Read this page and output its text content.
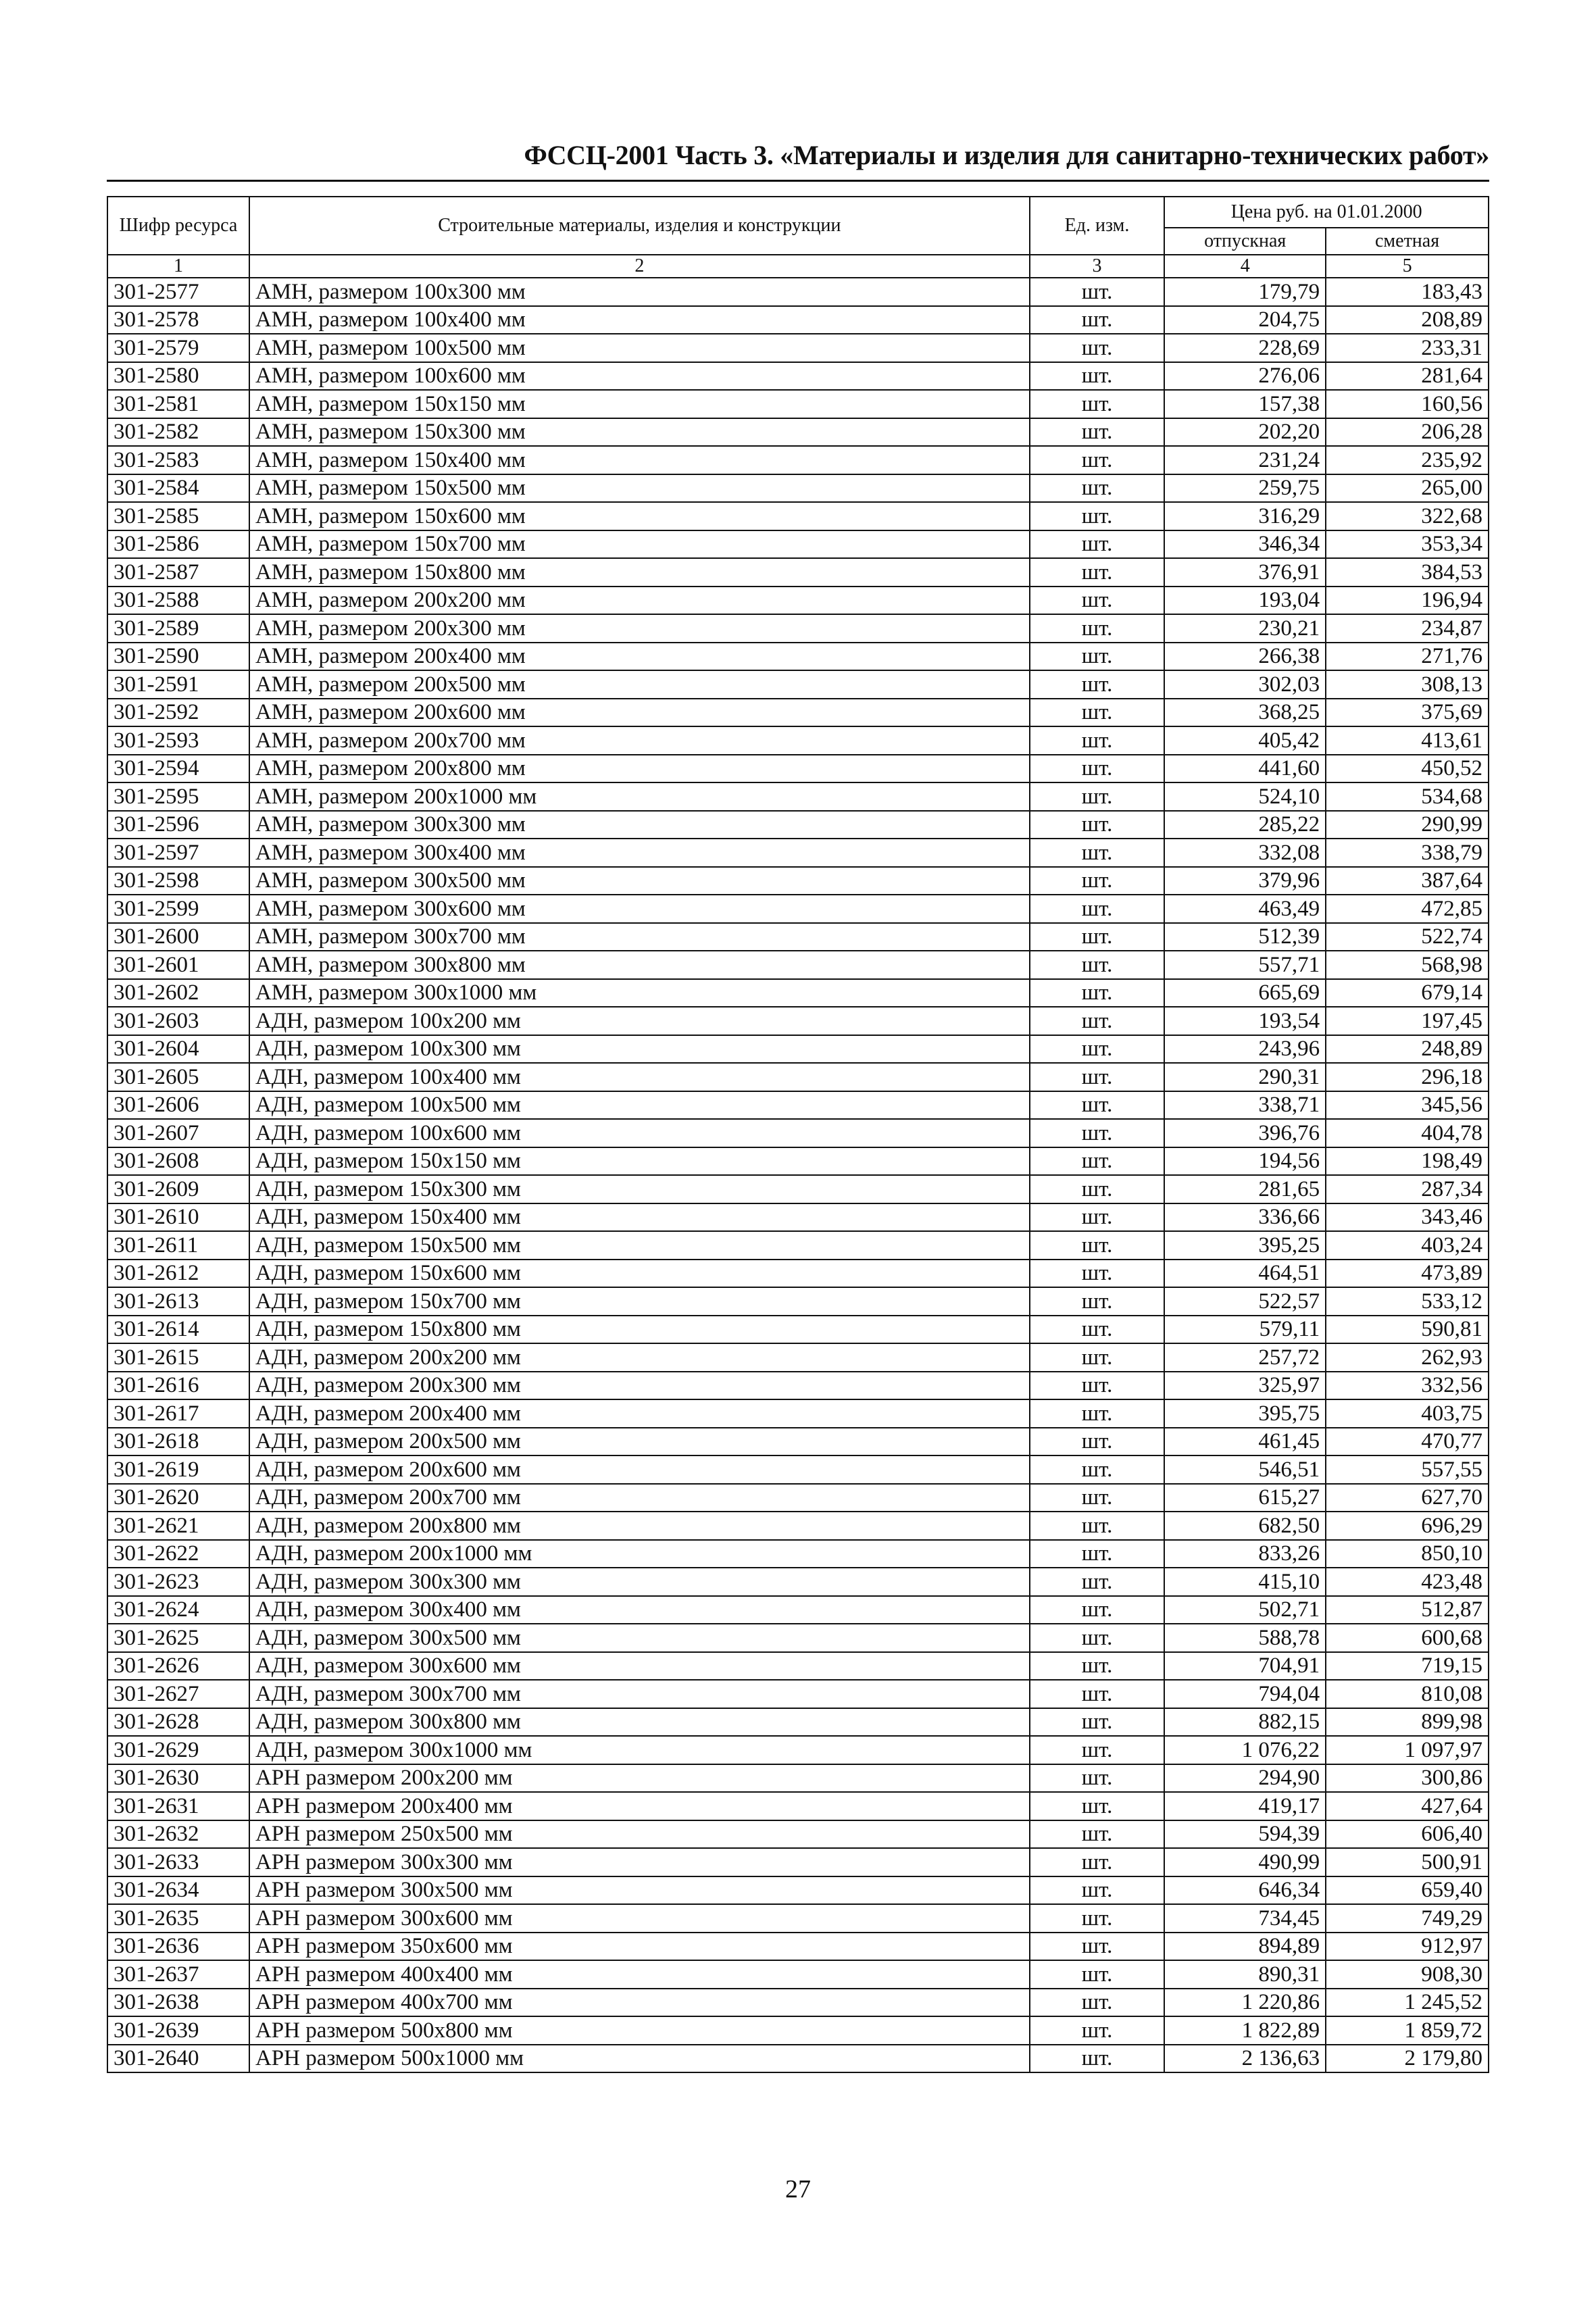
ФССЦ-2001 Часть 3. «Материалы и изделия для санитарно-технических работ»
Шифр ресурса	Строительные материалы, изделия и конструкции	Ед. изм.	Цена руб. на 01.01.2000	
			отпускная	сметная
1	2	3	4	5
301-2577	АМН, размером 100х300 мм	шт.	179,79	183,43
301-2578	АМН, размером 100х400 мм	шт.	204,75	208,89
301-2579	АМН, размером 100х500 мм	шт.	228,69	233,31
301-2580	АМН, размером 100х600 мм	шт.	276,06	281,64
301-2581	АМН, размером 150х150 мм	шт.	157,38	160,56
301-2582	АМН, размером 150х300 мм	шт.	202,20	206,28
301-2583	АМН, размером 150х400 мм	шт.	231,24	235,92
301-2584	АМН, размером 150х500 мм	шт.	259,75	265,00
301-2585	АМН, размером 150х600 мм	шт.	316,29	322,68
301-2586	АМН, размером 150х700 мм	шт.	346,34	353,34
301-2587	АМН, размером 150х800 мм	шт.	376,91	384,53
301-2588	АМН, размером 200х200 мм	шт.	193,04	196,94
301-2589	АМН, размером 200х300 мм	шт.	230,21	234,87
301-2590	АМН, размером 200х400 мм	шт.	266,38	271,76
301-2591	АМН, размером 200х500 мм	шт.	302,03	308,13
301-2592	АМН, размером 200х600 мм	шт.	368,25	375,69
301-2593	АМН, размером 200х700 мм	шт.	405,42	413,61
301-2594	АМН, размером 200х800 мм	шт.	441,60	450,52
301-2595	АМН, размером 200х1000 мм	шт.	524,10	534,68
301-2596	АМН, размером 300х300 мм	шт.	285,22	290,99
301-2597	АМН, размером 300х400 мм	шт.	332,08	338,79
301-2598	АМН, размером 300х500 мм	шт.	379,96	387,64
301-2599	АМН, размером 300х600 мм	шт.	463,49	472,85
301-2600	АМН, размером 300х700 мм	шт.	512,39	522,74
301-2601	АМН, размером 300х800 мм	шт.	557,71	568,98
301-2602	АМН, размером 300х1000 мм	шт.	665,69	679,14
301-2603	АДН, размером 100х200 мм	шт.	193,54	197,45
301-2604	АДН, размером 100х300 мм	шт.	243,96	248,89
301-2605	АДН, размером 100х400 мм	шт.	290,31	296,18
301-2606	АДН, размером 100х500 мм	шт.	338,71	345,56
301-2607	АДН, размером 100х600 мм	шт.	396,76	404,78
301-2608	АДН, размером 150х150 мм	шт.	194,56	198,49
301-2609	АДН, размером 150х300 мм	шт.	281,65	287,34
301-2610	АДН, размером 150х400 мм	шт.	336,66	343,46
301-2611	АДН, размером 150х500 мм	шт.	395,25	403,24
301-2612	АДН, размером 150х600 мм	шт.	464,51	473,89
301-2613	АДН, размером 150х700 мм	шт.	522,57	533,12
301-2614	АДН, размером 150х800 мм	шт.	579,11	590,81
301-2615	АДН, размером 200х200 мм	шт.	257,72	262,93
301-2616	АДН, размером 200х300 мм	шт.	325,97	332,56
301-2617	АДН, размером 200х400 мм	шт.	395,75	403,75
301-2618	АДН, размером 200х500 мм	шт.	461,45	470,77
301-2619	АДН, размером 200х600 мм	шт.	546,51	557,55
301-2620	АДН, размером 200х700 мм	шт.	615,27	627,70
301-2621	АДН, размером 200х800 мм	шт.	682,50	696,29
301-2622	АДН, размером 200х1000 мм	шт.	833,26	850,10
301-2623	АДН, размером 300х300 мм	шт.	415,10	423,48
301-2624	АДН, размером 300х400 мм	шт.	502,71	512,87
301-2625	АДН, размером 300х500 мм	шт.	588,78	600,68
301-2626	АДН, размером 300х600 мм	шт.	704,91	719,15
301-2627	АДН, размером 300х700 мм	шт.	794,04	810,08
301-2628	АДН, размером 300х800 мм	шт.	882,15	899,98
301-2629	АДН, размером 300х1000 мм	шт.	1 076,22	1 097,97
301-2630	АРН размером 200х200 мм	шт.	294,90	300,86
301-2631	АРН размером 200х400 мм	шт.	419,17	427,64
301-2632	АРН размером 250х500 мм	шт.	594,39	606,40
301-2633	АРН размером 300х300 мм	шт.	490,99	500,91
301-2634	АРН размером 300х500 мм	шт.	646,34	659,40
301-2635	АРН размером 300х600 мм	шт.	734,45	749,29
301-2636	АРН размером 350х600 мм	шт.	894,89	912,97
301-2637	АРН размером 400х400 мм	шт.	890,31	908,30
301-2638	АРН размером 400х700 мм	шт.	1 220,86	1 245,52
301-2639	АРН размером 500х800 мм	шт.	1 822,89	1 859,72
301-2640	АРН размером 500х1000 мм	шт.	2 136,63	2 179,80
27
